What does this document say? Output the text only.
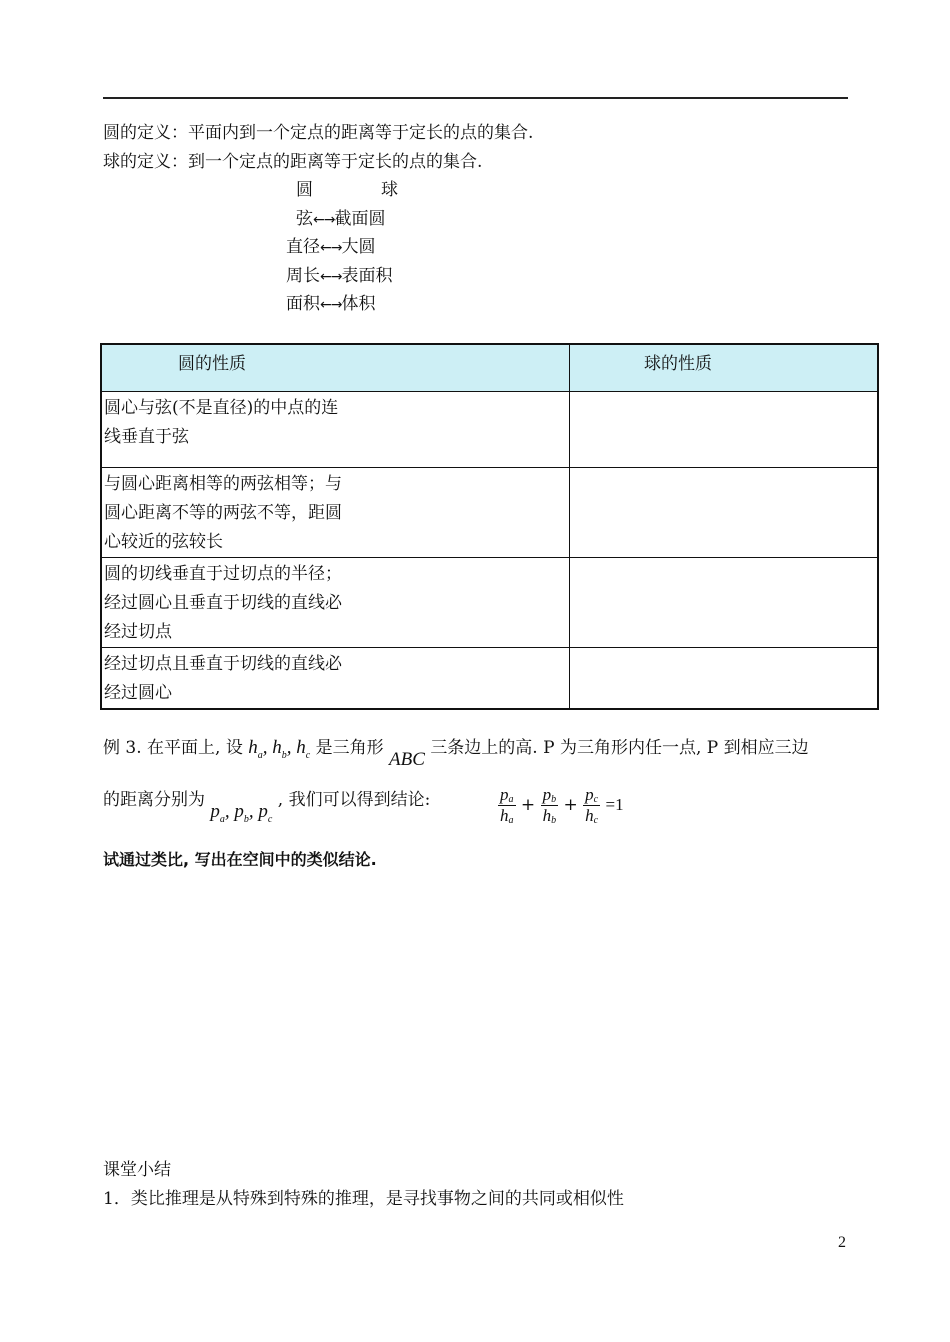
圆的定义：平面内到一个定点的距离等于定长的点的集合.
球的定义：到一个定点的距离等于定长的点的集合.
圆	球
弦←→截面圆
直径←→大圆
周长←→表面积
面积←→体积
圆的性质	球的性质

圆心与弦(不是直径)的中点的连线垂直于弦	

与圆心距离相等的两弦相等；与圆心距离不等的两弦不等，距圆心较近的弦较长	

圆的切线垂直于过切点的半径；经过圆心且垂直于切线的直线必经过切点	

经过切点且垂直于切线的直线必经过圆心	

例 3. 在平面上, 设 $h_a$, $h_b$, $h_c$ 是三角形 ABC 三条边上的高. P 为三角形内任一点, P 到相应三边
的距离分别为 $p_a$, $p_b$, $p_c$ , 我们可以得到结论:	$\frac{pa}{ha} + \frac{pb}{hb} + \frac{pc}{hc} =1$
试通过类比, 写出在空间中的类似结论.
课堂小结
1．类比推理是从特殊到特殊的推理，是寻找事物之间的共同或相似性
2
